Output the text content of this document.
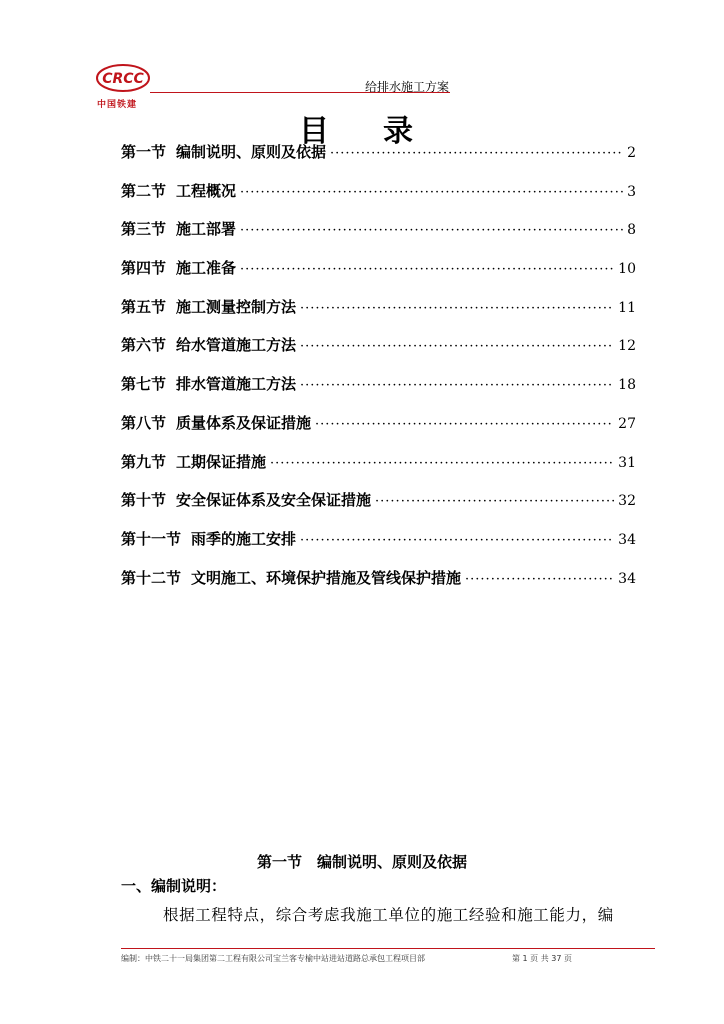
CRCC
中国铁建
给排水施工方案
目　录
第一节 编制说明、原则及依据 ·····	2
第二节 工程概况 ·····	3
第三节 施工部署 ·····	8
第四节 施工准备 ·····	10
第五节 施工测量控制方法 ·····	11
第六节 给水管道施工方法 ·····	12
第七节 排水管道施工方法 ·····	18
第八节 质量体系及保证措施 ·····	27
第九节 工期保证措施 ·····	31
第十节 安全保证体系及安全保证措施 ·····	32
第十一节 雨季的施工安排 ·····	34
第十二节 文明施工、环境保护措施及管线保护措施 ·····	34
第一节　编制说明、原则及依据
一、编制说明：
根据工程特点，综合考虑我施工单位的施工经验和施工能力，编
编制：中铁二十一局集团第二工程有限公司宝兰客专榆中站进站道路总承包工程项目部	第 1 页 共 37 页
